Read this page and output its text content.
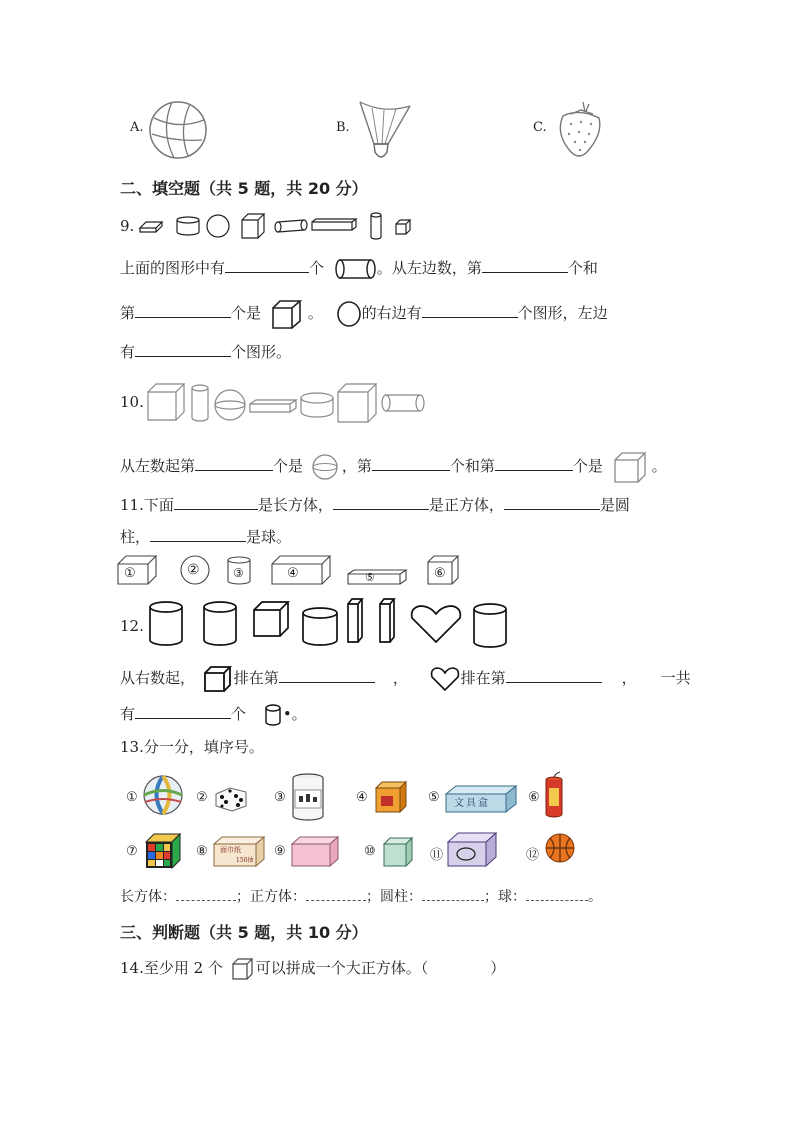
A.	B.	C.
二、填空题（共 5 题，共 20 分）
9.
上面的图形中有	个	。从左边数，第	个和
第	个是	。	的右边有	个图形，左边
有	个图形。
10.
从左数起第	个是	，第	个和第	个是	。
11.下面	是长方体，	是正方体，	是圆
柱，	是球。
①	②	③	④	⑤	⑥
12.
从右数起，	排在第	，	排在第	， 一共
有	个 •。
13.分一分，填序号。
①	②	③	④	⑤ 文具盒	⑥
⑦	⑧ 面巾纸
150抽
⑨	⑩	⑪	⑫
长方体：	；正方体：	；圆柱：	；球：	。
三、判断题（共 5 题，共 10 分）
14.至少用 2 个 可以拼成一个大正方体。（	）
